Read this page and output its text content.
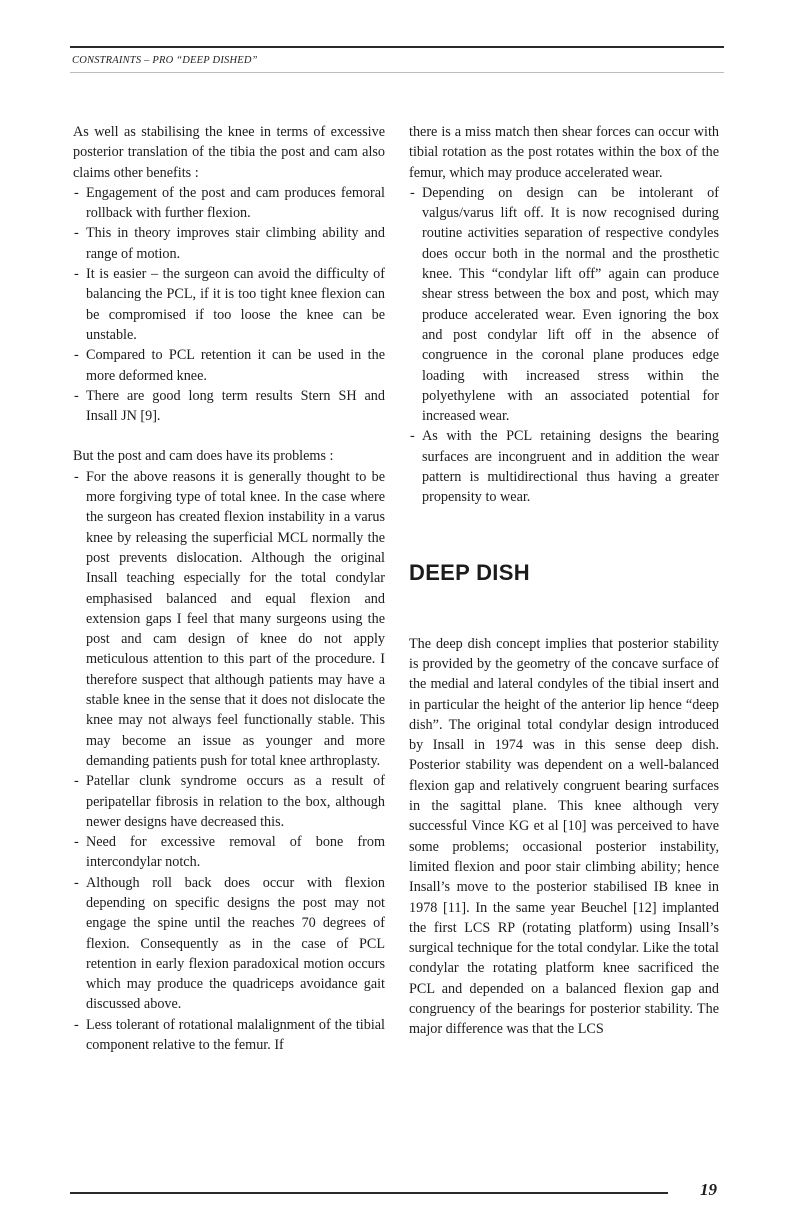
CONSTRAINTS – PRO “DEEP DISHED”

As well as stabilising the knee in terms of excessive posterior translation of the tibia the post and cam also claims other benefits :

- Engagement of the post and cam produces femoral rollback with further flexion.
- This in theory improves stair climbing ability and range of motion.
- It is easier – the surgeon can avoid the difficulty of balancing the PCL, if it is too tight knee flexion can be compromised if too loose the knee can be unstable.
- Compared to PCL retention it can be used in the more deformed knee.
- There are good long term results Stern SH and Insall JN [9].

But the post and cam does have its problems :

- For the above reasons it is generally thought to be more forgiving type of total knee. In the case where the surgeon has created flexion instability in a varus knee by releasing the superficial MCL normally the post prevents dislocation. Although the original Insall teaching especially for the total condylar emphasised balanced and equal flexion and extension gaps I feel that many surgeons using the post and cam design of knee do not apply meticulous attention to this part of the procedure. I therefore suspect that although patients may have a stable knee in the sense that it does not dislocate the knee may not always feel functionally stable. This may become an issue as younger and more demanding patients push for total knee arthroplasty.
- Patellar clunk syndrome occurs as a result of peripatellar fibrosis in relation to the box, although newer designs have decreased this.
- Need for excessive removal of bone from intercondylar notch.
- Although roll back does occur with flexion depending on specific designs the post may not engage the spine until the reaches 70 degrees of flexion. Consequently as in the case of PCL retention in early flexion paradoxical motion occurs which may produce the quadriceps avoidance gait discussed above.
- Less tolerant of rotational malalignment of the tibial component relative to the femur. If

there is a miss match then shear forces can occur with tibial rotation as the post rotates within the box of the femur, which may produce accelerated wear.

- Depending on design can be intolerant of valgus/varus lift off. It is now recognised during routine activities separation of respective condyles does occur both in the normal and the prosthetic knee. This “condylar lift off” again can produce shear stress between the box and post, which may produce accelerated wear. Even ignoring the box and post condylar lift off in the absence of congruence in the coronal plane produces edge loading with increased stress within the polyethylene with an associated potential for increased wear.
- As with the PCL retaining designs the bearing surfaces are incongruent and in addition the wear pattern is multidirectional thus having a greater propensity to wear.
DEEP DISH

The deep dish concept implies that posterior stability is provided by the geometry of the concave surface of the medial and lateral condyles of the tibial insert and in particular the height of the anterior lip hence “deep dish”. The original total condylar design introduced by Insall in 1974 was in this sense deep dish. Posterior stability was dependent on a well-balanced flexion gap and relatively congruent bearing surfaces in the sagittal plane. This knee although very successful Vince KG et al [10] was perceived to have some problems; occasional posterior instability, limited flexion and poor stair climbing ability; hence Insall’s move to the posterior stabilised IB knee in 1978 [11]. In the same year Beuchel [12] implanted the first LCS RP (rotating platform) using Insall’s surgical technique for the total condylar. Like the total condylar the rotating platform knee sacrificed the PCL and depended on a balanced flexion gap and congruency of the bearings for posterior stability. The major difference was that the LCS

19
